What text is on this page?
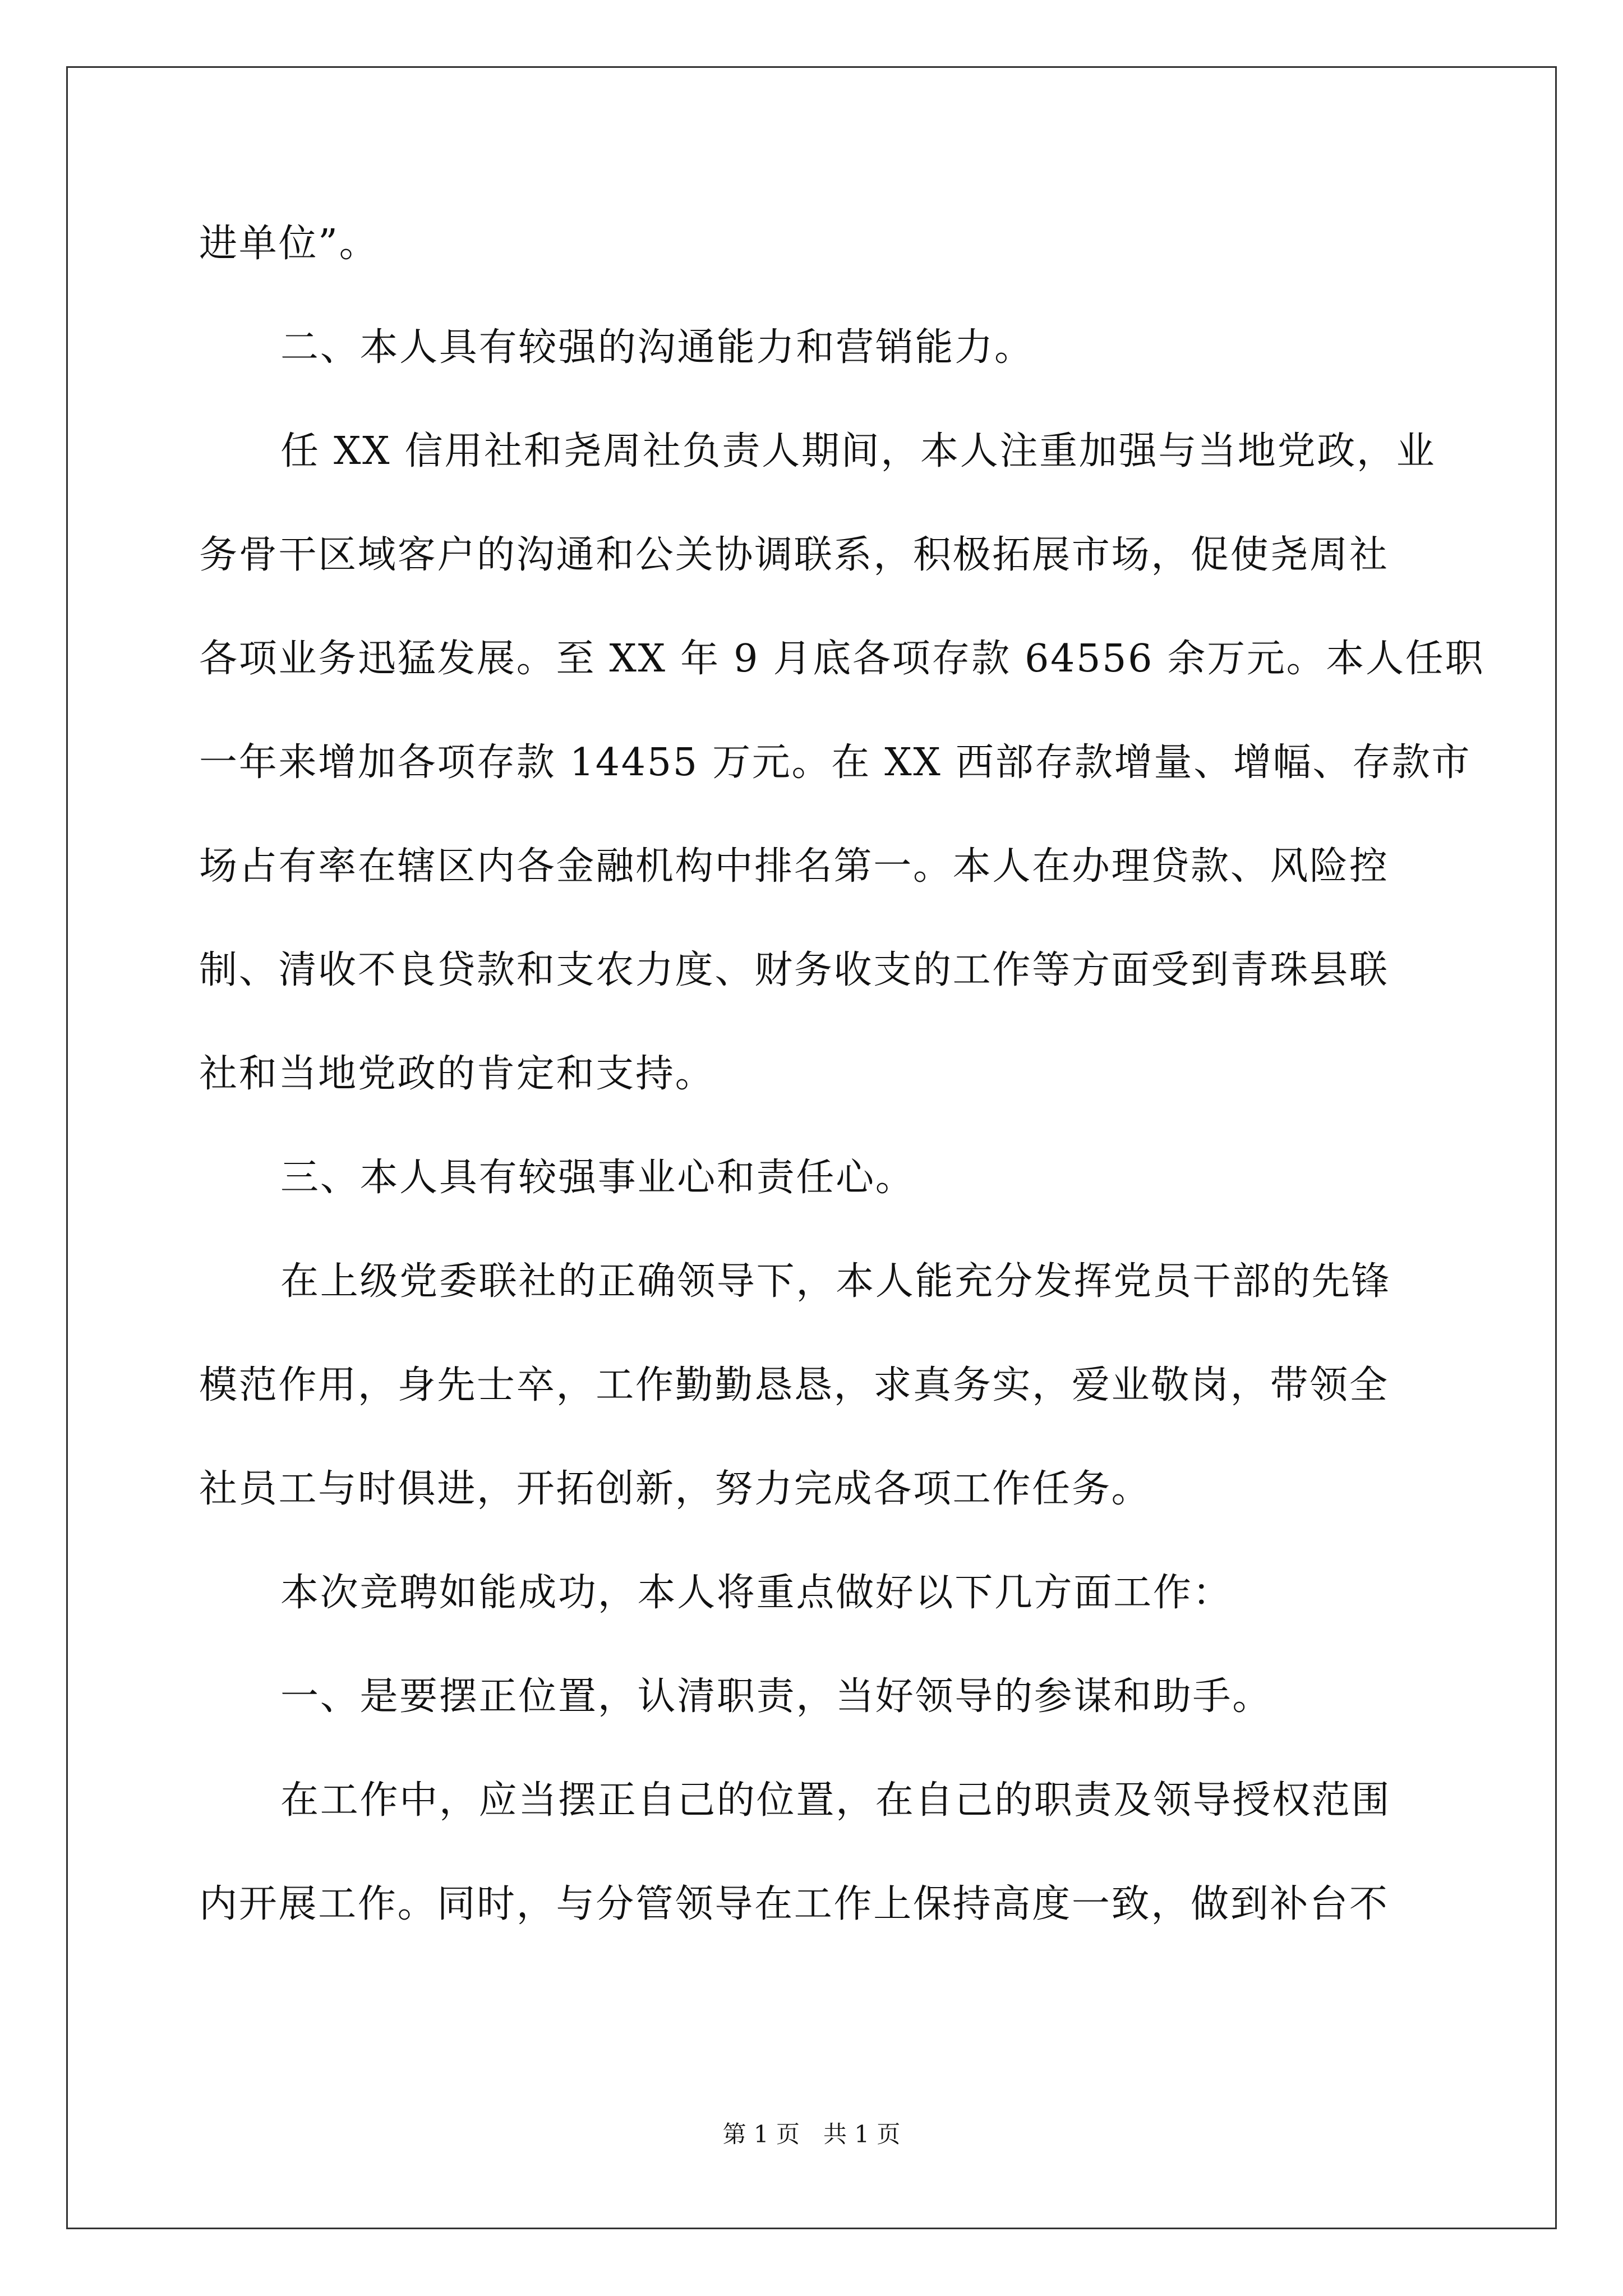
进单位”。
二、本人具有较强的沟通能力和营销能力。
任 XX 信用社和尧周社负责人期间，本人注重加强与当地党政，业
务骨干区域客户的沟通和公关协调联系，积极拓展市场，促使尧周社
各项业务迅猛发展。至 XX 年 9 月底各项存款 64556 余万元。本人任职
一年来增加各项存款 14455 万元。在 XX 西部存款增量、增幅、存款市
场占有率在辖区内各金融机构中排名第一。本人在办理贷款、风险控
制、清收不良贷款和支农力度、财务收支的工作等方面受到青珠县联
社和当地党政的肯定和支持。
三、本人具有较强事业心和责任心。
在上级党委联社的正确领导下，本人能充分发挥党员干部的先锋
模范作用，身先士卒，工作勤勤恳恳，求真务实，爱业敬岗，带领全
社员工与时俱进，开拓创新，努力完成各项工作任务。
本次竞聘如能成功，本人将重点做好以下几方面工作：
一、是要摆正位置，认清职责，当好领导的参谋和助手。
在工作中，应当摆正自己的位置，在自己的职责及领导授权范围
内开展工作。同时，与分管领导在工作上保持高度一致，做到补台不
第 1 页　共 1 页
